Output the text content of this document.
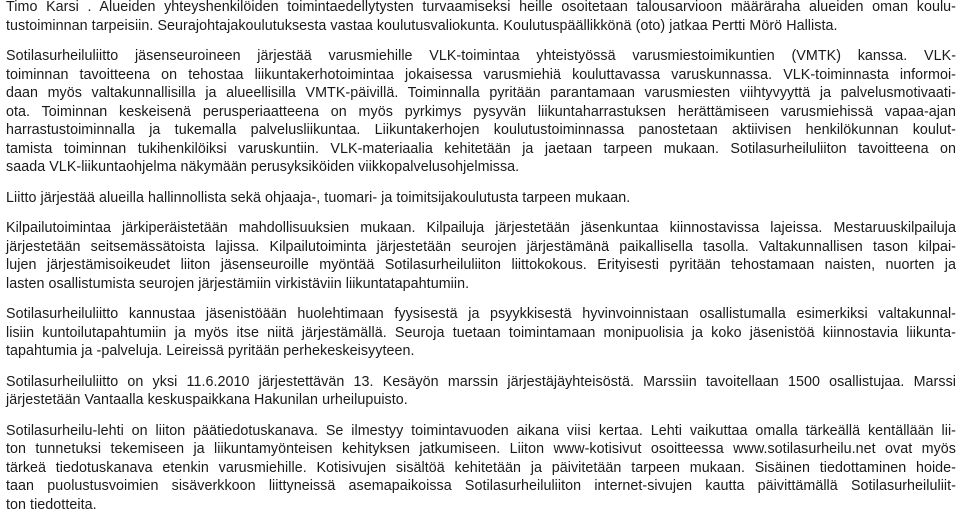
Timo Karsi . Alueiden yhteyshenkilöiden toimintaedellytysten turvaamiseksi heille osoitetaan talousarvioon määräraha alueiden oman koulu-
tustoiminnan tarpeisiin. Seurajohtajakoulutuksesta vastaa koulutusvaliokunta. Koulutuspäällikkönä (oto) jatkaa Pertti Mörö Hallista.
Sotilasurheiluliitto jäsenseuroineen järjestää varusmiehille VLK-toimintaa yhteistyössä varusmiestoimikuntien (VMTK) kanssa. VLK-
toiminnan tavoitteena on tehostaa liikuntakerhotoimintaa jokaisessa varusmiehiä kouluttavassa varuskunnassa. VLK-toiminnasta informoi-
daan myös valtakunnallisilla ja alueellisilla VMTK-päivillä. Toiminnalla pyritään parantamaan varusmiesten viihtyvyyttä ja palvelusmotivaati-
ota. Toiminnan keskeisenä perusperiaatteena on myös pyrkimys pysyvän liikuntaharrastuksen herättämiseen varusmiehissä vapaa-ajan
harrastustoiminnalla ja tukemalla palvelusliikuntaa. Liikuntakerhojen koulutustoiminnassa panostetaan aktiivisen henkilökunnan koulut-
tamista toiminnan tukihenkilöiksi varuskuntiin. VLK-materiaalia kehitetään ja jaetaan tarpeen mukaan. Sotilasurheiluliiton tavoitteena on
saada VLK-liikuntaohjelma näkymään perusyksiköiden viikkopalvelusohjelmissa.
Liitto järjestää alueilla hallinnollista sekä ohjaaja-, tuomari- ja toimitsijakoulutusta tarpeen mukaan.
Kilpailutoimintaa järkiperäistetään mahdollisuuksien mukaan. Kilpailuja järjestetään jäsenkuntaa kiinnostavissa lajeissa. Mestaruuskilpailuja
järjestetään seitsemässätoista lajissa. Kilpailutoiminta järjestetään seurojen järjestämänä paikallisella tasolla. Valtakunnallisen tason kilpai-
lujen järjestämisoikeudet liiton jäsenseuroille myöntää Sotilasurheiluliiton liittokokous. Erityisesti pyritään tehostamaan naisten, nuorten ja
lasten osallistumista seurojen järjestämiin virkistäviin liikuntatapahtumiin.
Sotilasurheiluliitto kannustaa jäsenistöään huolehtimaan fyysisestä ja psyykkisestä hyvinvoinnistaan osallistumalla esimerkiksi valtakunnal-
lisiin kuntoilutapahtumiin ja myös itse niitä järjestämällä. Seuroja tuetaan toimintamaan monipuolisia ja koko jäsenistöä kiinnostavia liikunta-
tapahtumia ja -palveluja. Leireissä pyritään perhekeskeisyyteen.
Sotilasurheiluliitto on yksi 11.6.2010 järjestettävän 13. Kesäyön marssin järjestäjäyhteisöstä. Marssiin tavoitellaan 1500 osallistujaa. Marssi
järjestetään Vantaalla keskuspaikkana Hakunilan urheilupuisto.
Sotilasurheilu-lehti on liiton päätiedotuskanava. Se ilmestyy toimintavuoden aikana viisi kertaa. Lehti vaikuttaa omalla tärkeällä kentällään lii-
ton tunnetuksi tekemiseen ja liikuntamyönteisen kehityksen jatkumiseen. Liiton www-kotisivut osoitteessa www.sotilasurheilu.net ovat myös
tärkeä tiedotuskanava etenkin varusmiehille. Kotisivujen sisältöä kehitetään ja päivitetään tarpeen mukaan. Sisäinen tiedottaminen hoide-
taan puolustusvoimien sisäverkkoon liittyneissä asemapaikoissa Sotilasurheiluliiton internet-sivujen kautta päivittämällä Sotilasurheiluliit-
ton tiedotteita.
